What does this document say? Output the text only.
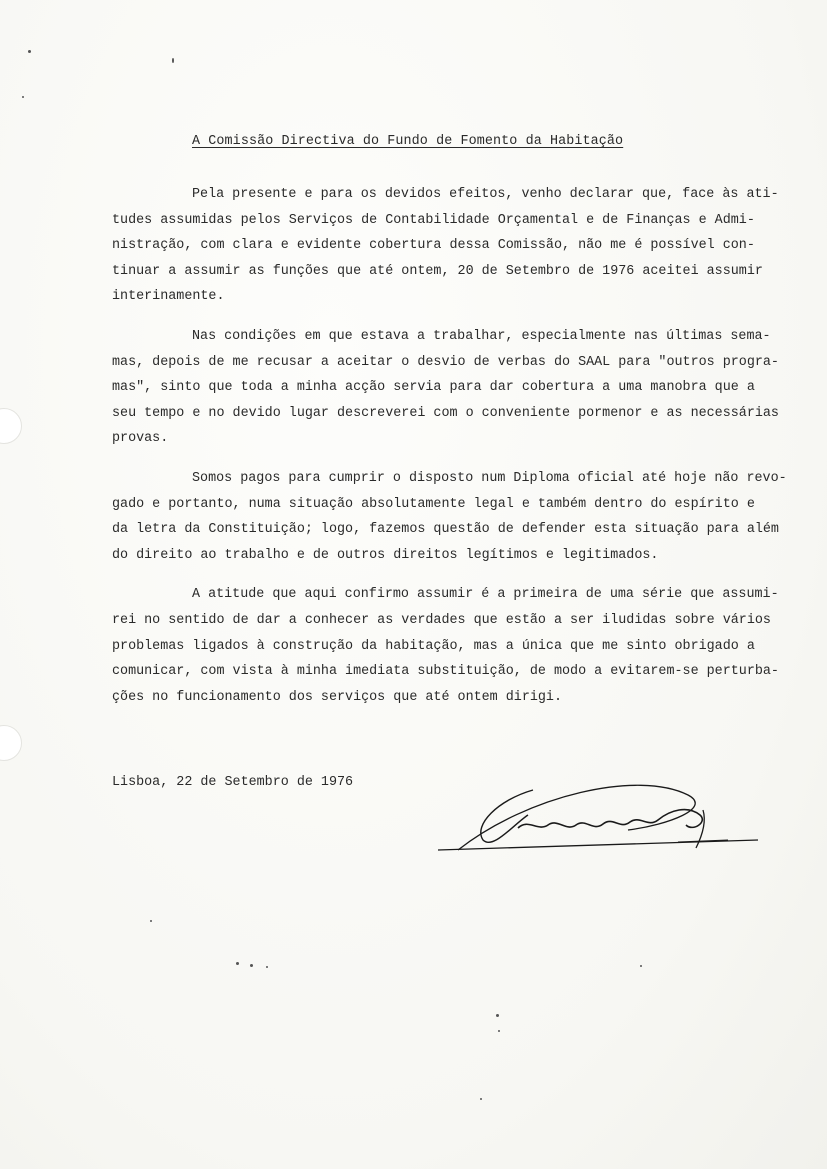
A Comissão Directiva do Fundo de Fomento da Habitação
Pela presente e para os devidos efeitos, venho declarar que, face às ati-
tudes assumidas pelos Serviços de Contabilidade Orçamental e de Finanças e Admi-
nistração, com clara e evidente cobertura dessa Comissão, não me é possível con-
tinuar a assumir as funções que até ontem, 20 de Setembro de 1976 aceitei assumir
interinamente.
Nas condições em que estava a trabalhar, especialmente nas últimas sema-
mas, depois de me recusar a aceitar o desvio de verbas do SAAL para "outros progra-
mas", sinto que toda a minha acção servia para dar cobertura a uma manobra que a
seu tempo e no devido lugar descreverei com o conveniente pormenor e as necessárias
provas.
Somos pagos para cumprir o disposto num Diploma oficial até hoje não revo-
gado e portanto, numa situação absolutamente legal e também dentro do espírito e
da letra da Constituição; logo, fazemos questão de defender esta situação para além
do direito ao trabalho e de outros direitos legítimos e legitimados.
A atitude que aqui confirmo assumir é a primeira de uma série que assumi-
rei no sentido de dar a conhecer as verdades que estão a ser iludidas sobre vários
problemas ligados à construção da habitação, mas a única que me sinto obrigado a
comunicar, com vista à minha imediata substituição, de modo a evitarem-se perturba-
ções no funcionamento dos serviços que até ontem dirigi.
Lisboa, 22 de Setembro de 1976
